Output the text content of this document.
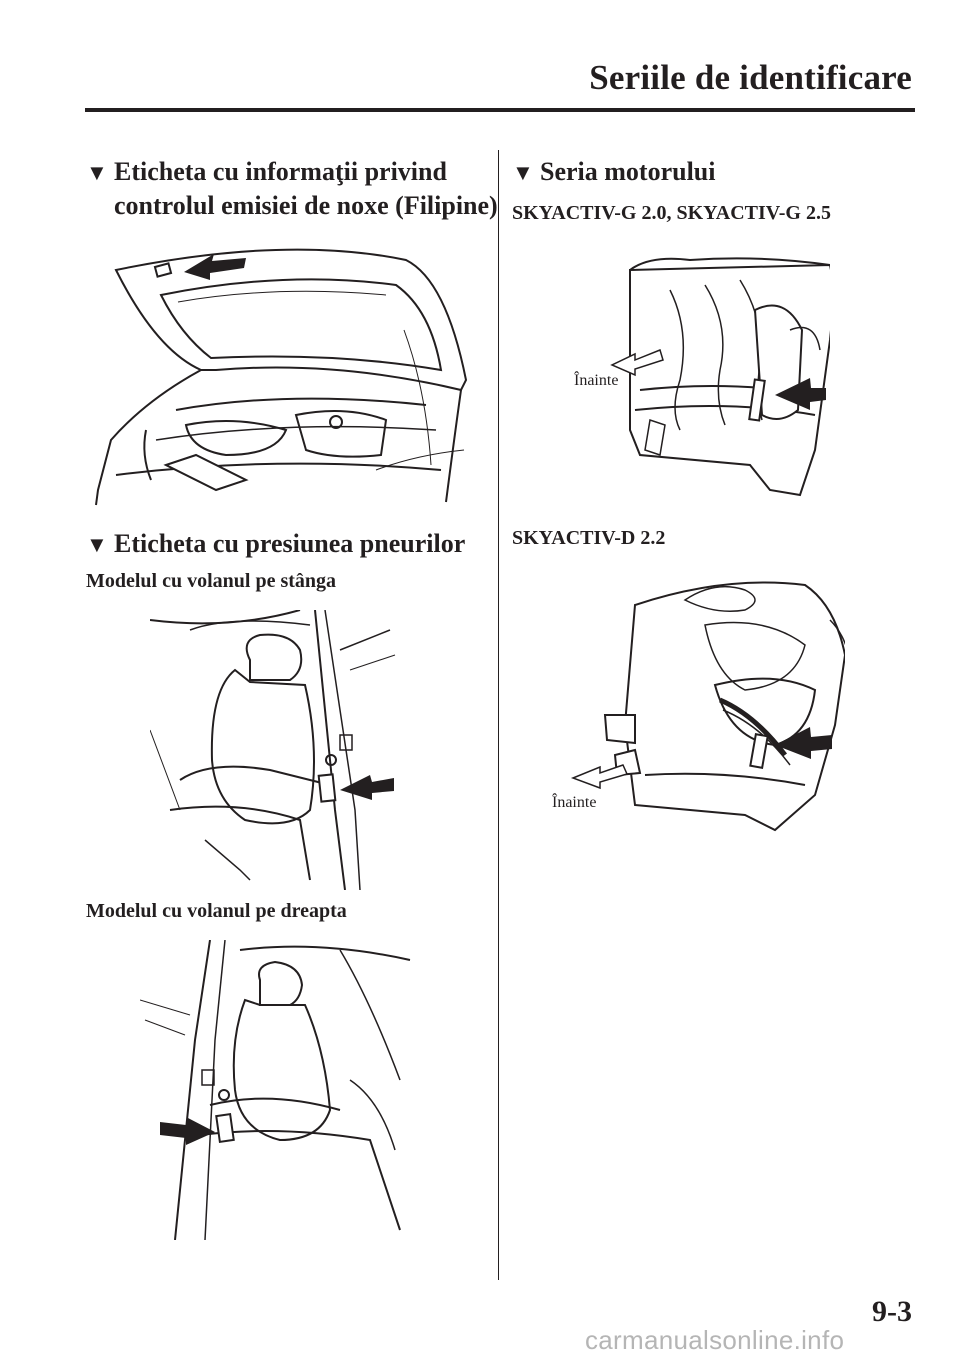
Seriile de identificare
▼ Eticheta cu informaţii privind
controlul emisiei de noxe (Filipine)
▼ Eticheta cu presiunea pneurilor
Modelul cu volanul pe stânga
Modelul cu volanul pe dreapta
▼ Seria motorului
SKYACTIV-G 2.0, SKYACTIV-G 2.5
Înainte
SKYACTIV-D 2.2
Înainte
9-3
carmanualsonline.info
